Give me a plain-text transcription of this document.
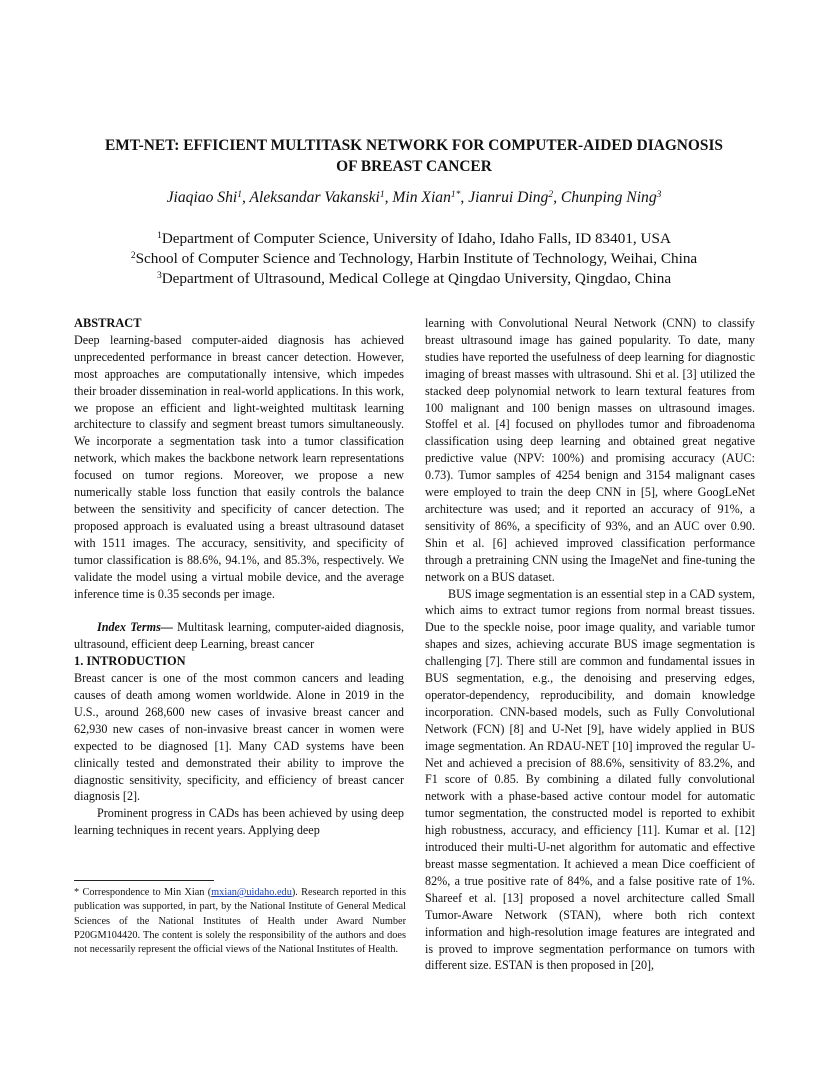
EMT-NET: EFFICIENT MULTITASK NETWORK FOR COMPUTER-AIDED DIAGNOSIS
OF BREAST CANCER
Jiaqiao Shi$^1$, Aleksandar Vakanski$^1$, Min Xian$^{1*}$, Jianrui Ding$^2$, Chunping Ning$^3$
$^1$Department of Computer Science, University of Idaho, Idaho Falls, ID 83401, USA
$^2$School of Computer Science and Technology, Harbin Institute of Technology, Weihai, China
$^3$Department of Ultrasound, Medical College at Qingdao University, Qingdao, China

ABSTRACT

Deep learning-based computer-aided diagnosis has achieved unprecedented performance in breast cancer detection. However, most approaches are computationally intensive, which impedes their broader dissemination in real-world applications. In this work, we propose an efficient and light-weighted multitask learning architecture to classify and segment breast tumors simultaneously. We incorporate a segmentation task into a tumor classification network, which makes the backbone network learn representations focused on tumor regions. Moreover, we propose a new numerically stable loss function that easily controls the balance between the sensitivity and specificity of cancer detection. The proposed approach is evaluated using a breast ultrasound dataset with 1511 images. The accuracy, sensitivity, and specificity of tumor classification is 88.6%, 94.1%, and 85.3%, respectively. We validate the model using a virtual mobile device, and the average inference time is 0.35 seconds per image.

Index Terms— Multitask learning, computer-aided diagnosis, ultrasound, efficient deep Learning, breast cancer

1. INTRODUCTION

Breast cancer is one of the most common cancers and leading causes of death among women worldwide. Alone in 2019 in the U.S., around 268,600 new cases of invasive breast cancer and 62,930 new cases of non-invasive breast cancer in women were expected to be diagnosed [1]. Many CAD systems have been clinically tested and demonstrated their ability to improve the diagnostic sensitivity, specificity, and efficiency of breast cancer diagnosis [2].

Prominent progress in CADs has been achieved by using deep learning techniques in recent years. Applying deep

learning with Convolutional Neural Network (CNN) to classify breast ultrasound image has gained popularity. To date, many studies have reported the usefulness of deep learning for diagnostic imaging of breast masses with ultrasound. Shi et al. [3] utilized the stacked deep polynomial network to learn textural features from 100 malignant and 100 benign masses on ultrasound images. Stoffel et al. [4] focused on phyllodes tumor and fibroadenoma classification using deep learning and obtained great negative predictive value (NPV: 100%) and promising accuracy (AUC: 0.73). Tumor samples of 4254 benign and 3154 malignant cases were employed to train the deep CNN in [5], where GoogLeNet architecture was used; and it reported an accuracy of 91%, a sensitivity of 86%, a specificity of 93%, and an AUC over 0.90. Shin et al. [6] achieved improved classification performance through a pretraining CNN using the ImageNet and fine-tuning the network on a BUS dataset.

BUS image segmentation is an essential step in a CAD system, which aims to extract tumor regions from normal breast tissues. Due to the speckle noise, poor image quality, and variable tumor shapes and sizes, achieving accurate BUS image segmentation is challenging [7]. There still are common and fundamental issues in BUS segmentation, e.g., the denoising and preserving edges, operator-dependency, reproducibility, and domain knowledge incorporation. CNN-based models, such as Fully Convolutional Network (FCN) [8] and U-Net [9], have widely applied in BUS image segmentation. An RDAU-NET [10] improved the regular U-Net and achieved a precision of 88.6%, sensitivity of 83.2%, and F1 score of 0.85. By combining a dilated fully convolutional network with a phase-based active contour model for automatic tumor segmentation, the constructed model is reported to exhibit high robustness, accuracy, and efficiency [11]. Kumar et al. [12] introduced their multi-U-net algorithm for automatic and effective breast masse segmentation. It achieved a mean Dice coefficient of 82%, a true positive rate of 84%, and a false positive rate of 1%. Shareef et al. [13] proposed a novel architecture called Small Tumor-Aware Network (STAN), where both rich context information and high-resolution image features are integrated and is proved to improve segmentation performance on tumors with different size. ESTAN is then proposed in [20],

* Correspondence to Min Xian (mxian@uidaho.edu). Research reported in this publication was supported, in part, by the National Institute of General Medical Sciences of the National Institutes of Health under Award Number P20GM104420. The content is solely the responsibility of the authors and does not necessarily represent the official views of the National Institutes of Health.
